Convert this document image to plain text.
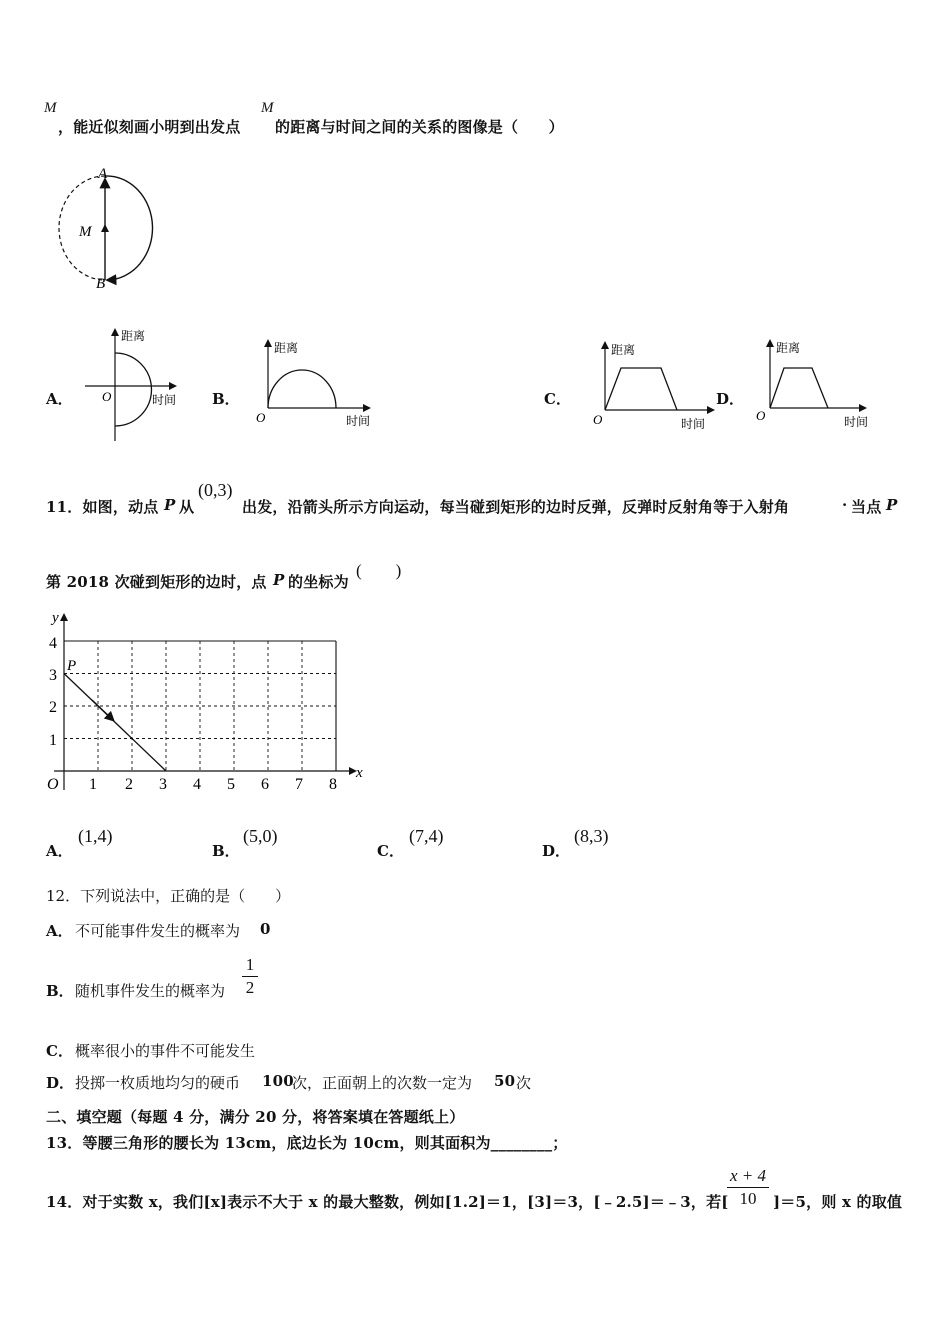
M
，能近似刻画小明到出发点
M
的距离与时间之间的关系的图像是（　　）
A
M
B
A．
距离
时间
O	B．
距离
时间
O
C．
距离
时间
O
D．
距离
时间
O
11．如图，动点 P 从
(0,3)
出发，沿箭头所示方向运动，每当碰到矩形的边时反弹，反弹时反射角等于入射角	· 当点 P
第 2018 次碰到矩形的边时，点 P 的坐标为
(　　)
y
x
O
P
1 2 3 4 5 6 7 8
1
2
3
4
A．
(1,4)
B．
(5,0)
C．
(7,4)
D．
(8,3)
12．下列说法中，正确的是（　　）
A． 不可能事件发生的概率为 0
B． 随机事件发生的概率为
1
2
C． 概率很小的事件不可能发生
D． 投掷一枚质地均匀的硬币 100
次，正面朝上的次数一定为 50 次
二、填空题（每题 4 分，满分 20 分，将答案填在答题纸上）
13．等腰三角形的腰长为 13cm，底边长为 10cm，则其面积为________；
14．对于实数 x，我们[x]表示不大于 x 的最大整数，例如[1.2]＝1，[3]＝3，[﹣2.5]＝﹣3，若[
x + 4
10	]＝5，则 x 的取值
